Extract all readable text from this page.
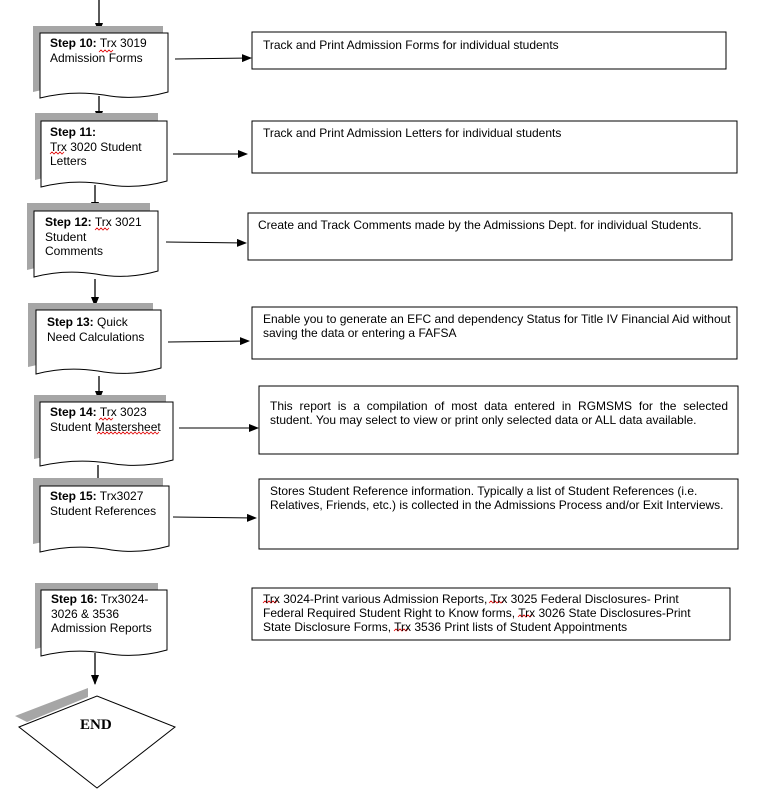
Step 10: Trx 3019
Admission Forms
Step 11:
Trx 3020 Student
Letters
Step 12: Trx 3021
Student
Comments
Step 13: Quick
Need Calculations
Step 14: Trx 3023
Student Mastersheet
Step 15: Trx3027
Student References
Step 16: Trx3024-
3026 & 3536
Admission Reports
Track and Print Admission Forms for individual students
Track and Print Admission Letters for individual students
Create and Track Comments made by the Admissions Dept. for individual Students.
Enable you to generate an EFC and dependency Status for Title IV Financial Aid without saving the data or entering a FAFSA
This report is a compilation of most data entered in RGMSMS for the selected student. You may select to view or print only selected data or ALL data available.
Stores Student Reference information. Typically a list of Student References (i.e. Relatives, Friends, etc.) is collected in the Admissions Process and/or Exit Interviews.
Trx 3024-Print various Admission Reports, Trx 3025 Federal Disclosures- Print
Federal Required Student Right to Know forms, Trx 3026 State Disclosures-Print
State Disclosure Forms, Trx 3536 Print lists of Student Appointments
END
